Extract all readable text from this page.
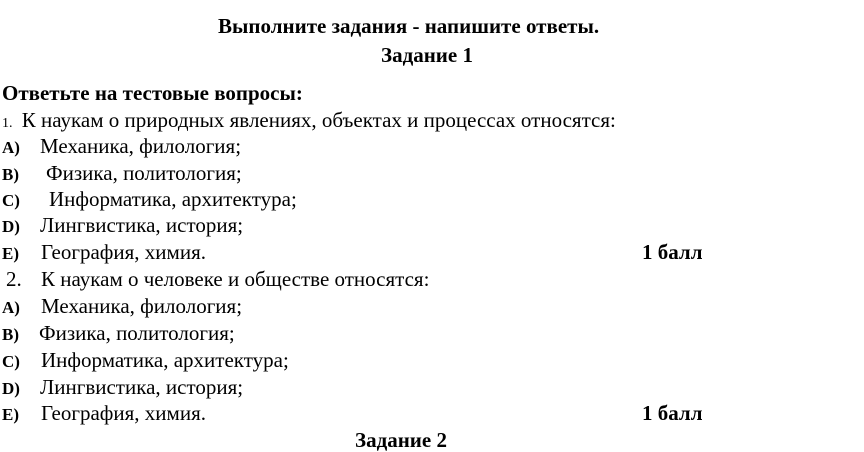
Выполните задания - напишите ответы.
Задание 1
Ответьте на тестовые вопросы:
1. К наукам о природных явлениях, объектах и процессах относятся:
A) Механика, филология;
B) Физика, политология;
C) Информатика, архитектура;
D) Лингвистика, история;
E) География, химия.	1 балл
2. К наукам о человеке и обществе относятся:
A) Механика, филология;
B) Физика, политология;
C) Информатика, архитектура;
D) Лингвистика, история;
E) География, химия.	1 балл
Задание 2
